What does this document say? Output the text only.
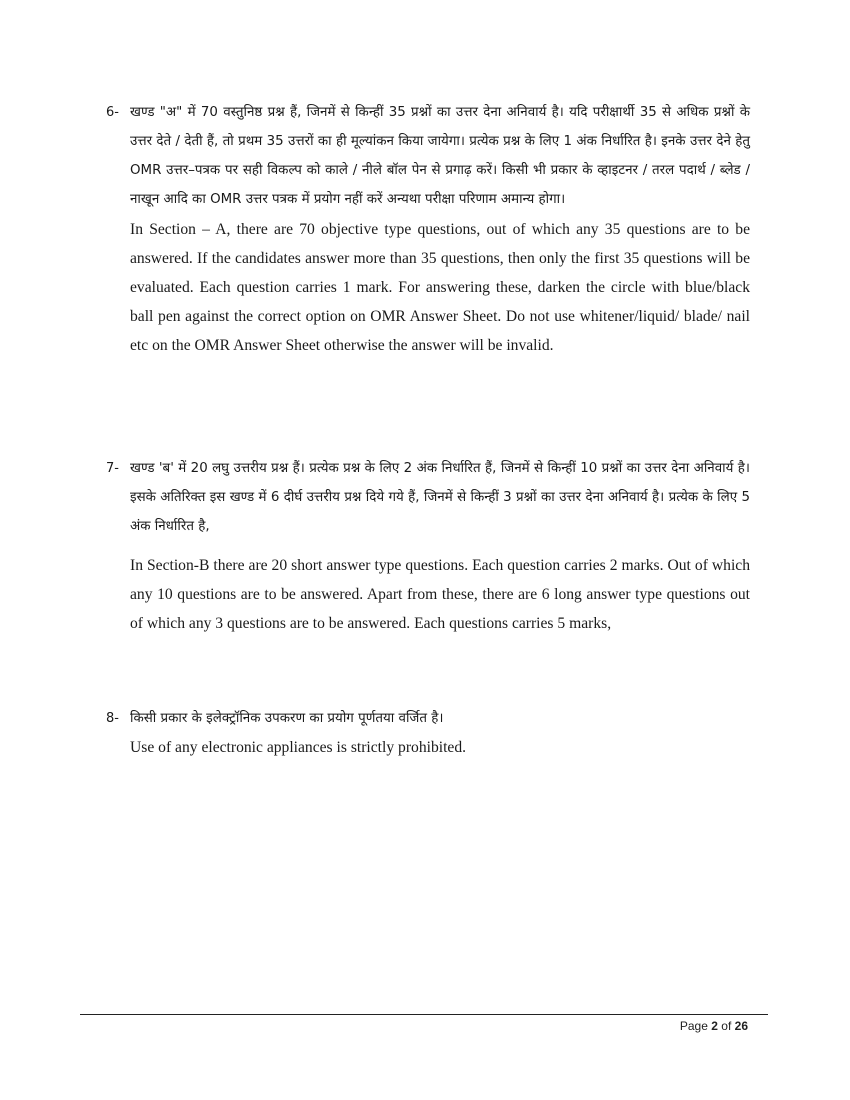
6- खण्ड "अ" में 70 वस्तुनिष्ठ प्रश्न हैं, जिनमें से किन्हीं 35 प्रश्नों का उत्तर देना अनिवार्य है। यदि परीक्षार्थी 35 से अधिक प्रश्नों के उत्तर देते / देती हैं, तो प्रथम 35 उत्तरों का ही मूल्यांकन किया जायेगा। प्रत्येक प्रश्न के लिए 1 अंक निर्धारित है। इनके उत्तर देने हेतु OMR उत्तर–पत्रक पर सही विकल्प को काले / नीले बॉल पेन से प्रगाढ़ करें। किसी भी प्रकार के व्हाइटनर / तरल पदार्थ / ब्लेड / नाखून आदि का OMR उत्तर पत्रक में प्रयोग नहीं करें अन्यथा परीक्षा परिणाम अमान्य होगा।
In Section – A, there are 70 objective type questions, out of which any 35 questions are to be answered. If the candidates answer more than 35 questions, then only the first 35 questions will be evaluated. Each question carries 1 mark. For answering these, darken the circle with blue/black ball pen against the correct option on OMR Answer Sheet. Do not use whitener/liquid/ blade/ nail etc on the OMR Answer Sheet otherwise the answer will be invalid.
7- खण्ड 'ब' में 20 लघु उत्तरीय प्रश्न हैं। प्रत्येक प्रश्न के लिए 2 अंक निर्धारित हैं, जिनमें से किन्हीं 10 प्रश्नों का उत्तर देना अनिवार्य है। इसके अतिरिक्त इस खण्ड में 6 दीर्घ उत्तरीय प्रश्न दिये गये हैं, जिनमें से किन्हीं 3 प्रश्नों का उत्तर देना अनिवार्य है। प्रत्येक के लिए 5 अंक निर्धारित है,
In Section-B there are 20 short answer type questions. Each question carries 2 marks. Out of which any 10 questions are to be answered. Apart from these, there are 6 long answer type questions out of which any 3 questions are to be answered. Each questions carries 5 marks,
8- किसी प्रकार के इलेक्ट्रॉनिक उपकरण का प्रयोग पूर्णतया वर्जित है।
Use of any electronic appliances is strictly prohibited.
Page 2 of 26
